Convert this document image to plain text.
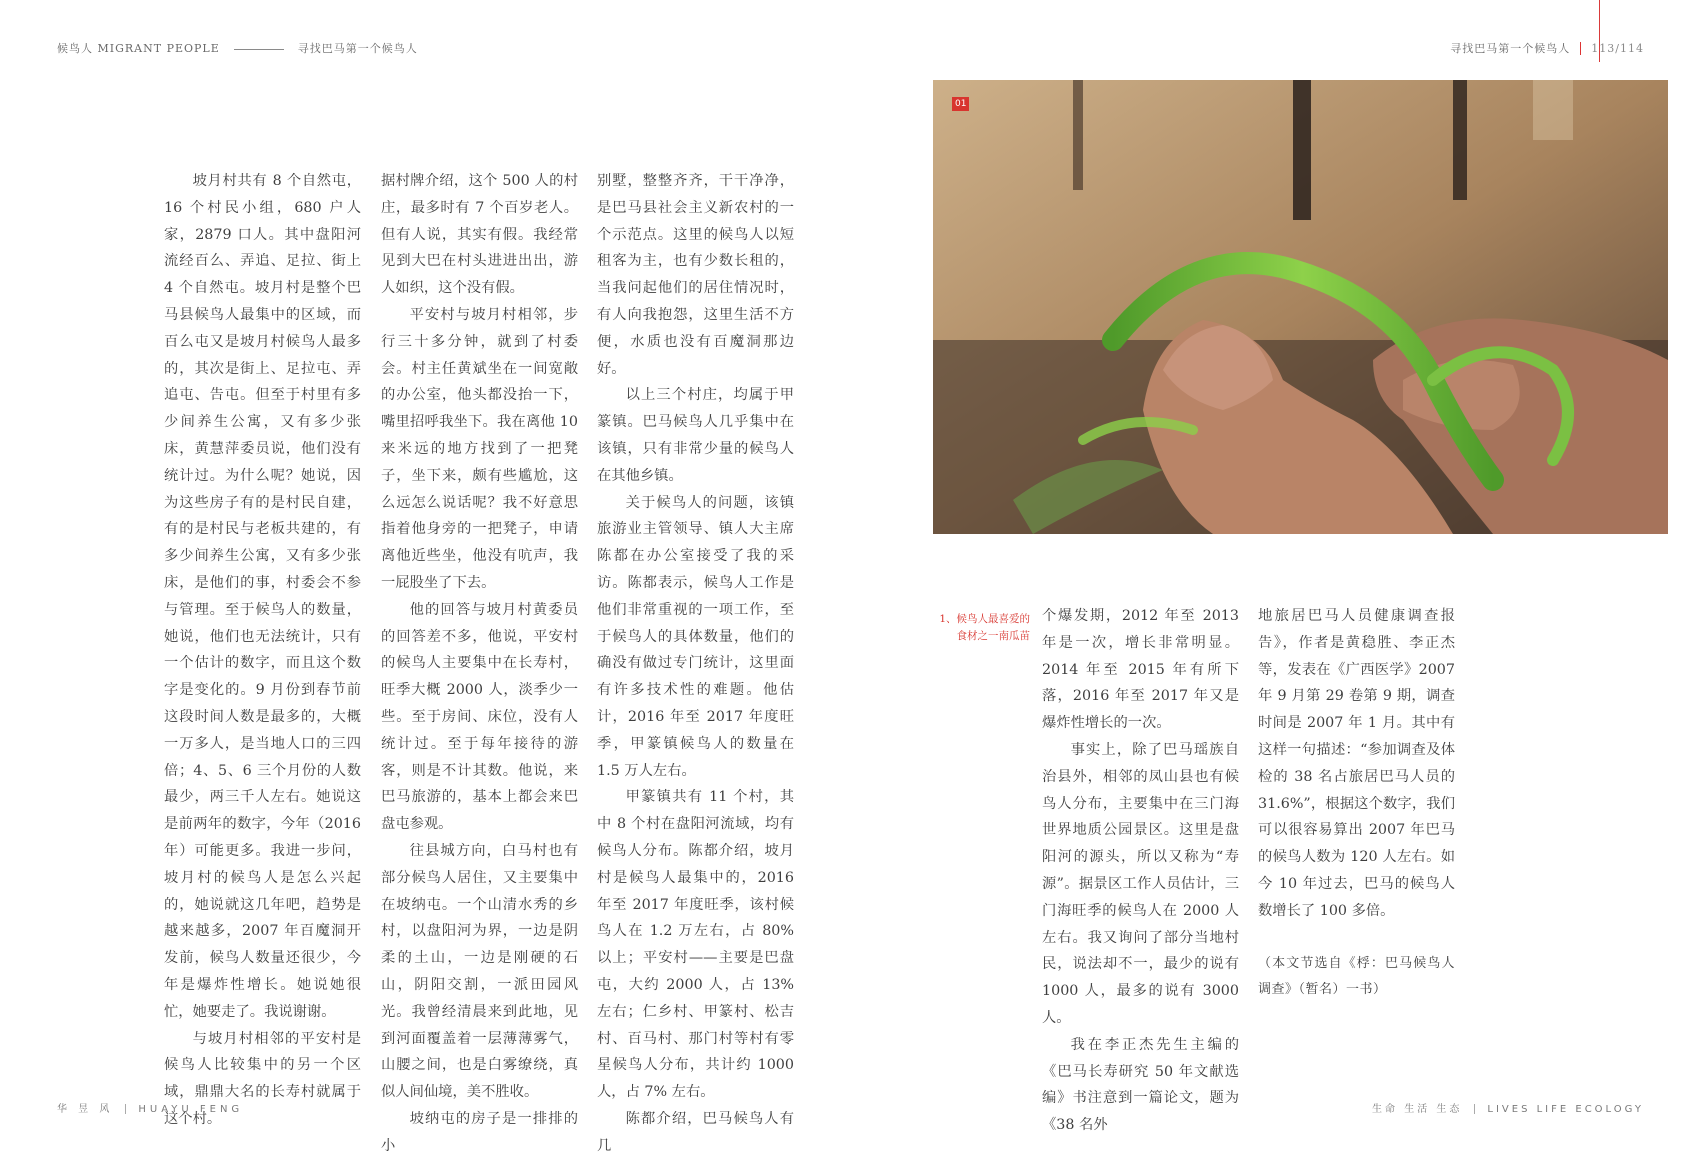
候鸟人 MIGRANT PEOPLE	寻找巴马第一个候鸟人	寻找巴马第一个候鸟人 113/114

坡月村共有 8 个自然屯，16 个村民小组，680 户人家，2879 口人。其中盘阳河流经百么、弄追、足拉、街上 4 个自然屯。坡月村是整个巴马县候鸟人最集中的区域，而百么屯又是坡月村候鸟人最多的，其次是街上、足拉屯、弄追屯、告屯。但至于村里有多少间养生公寓，又有多少张床，黄慧萍委员说，他们没有统计过。为什么呢？她说，因为这些房子有的是村民自建，有的是村民与老板共建的，有多少间养生公寓，又有多少张床，是他们的事，村委会不参与管理。至于候鸟人的数量，她说，他们也无法统计，只有一个估计的数字，而且这个数字是变化的。9 月份到春节前这段时间人数是最多的，大概一万多人，是当地人口的三四倍；4、5、6 三个月份的人数最少，两三千人左右。她说这是前两年的数字，今年（2016 年）可能更多。我进一步问，坡月村的候鸟人是怎么兴起的，她说就这几年吧，趋势是越来越多，2007 年百魔洞开发前，候鸟人数量还很少，今年是爆炸性增长。她说她很忙，她要走了。我说谢谢。

与坡月村相邻的平安村是候鸟人比较集中的另一个区域，鼎鼎大名的长寿村就属于这个村。

据村牌介绍，这个 500 人的村庄，最多时有 7 个百岁老人。但有人说，其实有假。我经常见到大巴在村头进进出出，游人如织，这个没有假。

平安村与坡月村相邻，步行三十多分钟，就到了村委会。村主任黄斌坐在一间宽敞的办公室，他头都没抬一下，嘴里招呼我坐下。我在离他 10 来米远的地方找到了一把凳子，坐下来，颇有些尴尬，这么远怎么说话呢？我不好意思指着他身旁的一把凳子，申请离他近些坐，他没有吭声，我一屁股坐了下去。

他的回答与坡月村黄委员的回答差不多，他说，平安村的候鸟人主要集中在长寿村，旺季大概 2000 人，淡季少一些。至于房间、床位，没有人统计过。至于每年接待的游客，则是不计其数。他说，来巴马旅游的，基本上都会来巴盘屯参观。

往县城方向，白马村也有部分候鸟人居住，又主要集中在坡纳屯。一个山清水秀的乡村，以盘阳河为界，一边是阴柔的土山，一边是刚硬的石山，阴阳交割，一派田园风光。我曾经清晨来到此地，见到河面覆盖着一层薄薄雾气，山腰之间，也是白雾缭绕，真似人间仙境，美不胜收。

坡纳屯的房子是一排排的小

别墅，整整齐齐，干干净净，是巴马县社会主义新农村的一个示范点。这里的候鸟人以短租客为主，也有少数长租的，当我问起他们的居住情况时，有人向我抱怨，这里生活不方便，水质也没有百魔洞那边好。

以上三个村庄，均属于甲篆镇。巴马候鸟人几乎集中在该镇，只有非常少量的候鸟人在其他乡镇。

关于候鸟人的问题，该镇旅游业主管领导、镇人大主席陈都在办公室接受了我的采访。陈都表示，候鸟人工作是他们非常重视的一项工作，至于候鸟人的具体数量，他们的确没有做过专门统计，这里面有许多技术性的难题。他估计，2016 年至 2017 年度旺季，甲篆镇候鸟人的数量在 1.5 万人左右。

甲篆镇共有 11 个村，其中 8 个村在盘阳河流域，均有候鸟人分布。陈都介绍，坡月村是候鸟人最集中的，2016 年至 2017 年度旺季，该村候鸟人在 1.2 万左右，占 80% 以上；平安村——主要是巴盘屯，大约 2000 人，占 13% 左右；仁乡村、甲篆村、松吉村、百马村、那门村等村有零星候鸟人分布，共计约 1000 人，占 7% 左右。

陈都介绍，巴马候鸟人有几

01
1、候鸟人最喜爱的食材之一南瓜苗

个爆发期，2012 年至 2013 年是一次，增长非常明显。2014 年至 2015 年有所下落，2016 年至 2017 年又是爆炸性增长的一次。

事实上，除了巴马瑶族自治县外，相邻的凤山县也有候鸟人分布，主要集中在三门海世界地质公园景区。这里是盘阳河的源头，所以又称为“寿源”。据景区工作人员估计，三门海旺季的候鸟人在 2000 人左右。我又询问了部分当地村民，说法却不一，最少的说有 1000 人，最多的说有 3000 人。

我在李正杰先生主编的《巴马长寿研究 50 年文献选编》书注意到一篇论文，题为《38 名外

地旅居巴马人员健康调查报告》，作者是黄稳胜、李正杰等，发表在《广西医学》2007 年 9 月第 29 卷第 9 期，调查时间是 2007 年 1 月。其中有这样一句描述：“参加调查及体检的 38 名占旅居巴马人员的31.6%”，根据这个数字，我们可以很容易算出 2007 年巴马的候鸟人数为 120 人左右。如今 10 年过去，巴马的候鸟人数增长了 100 多倍。

（本文节选自《桴：巴马候鸟人调查》（暂名）一书）

华 昱 风	HUAYU FENG	生命 生活 生态	LIVES LIFE ECOLOGY
